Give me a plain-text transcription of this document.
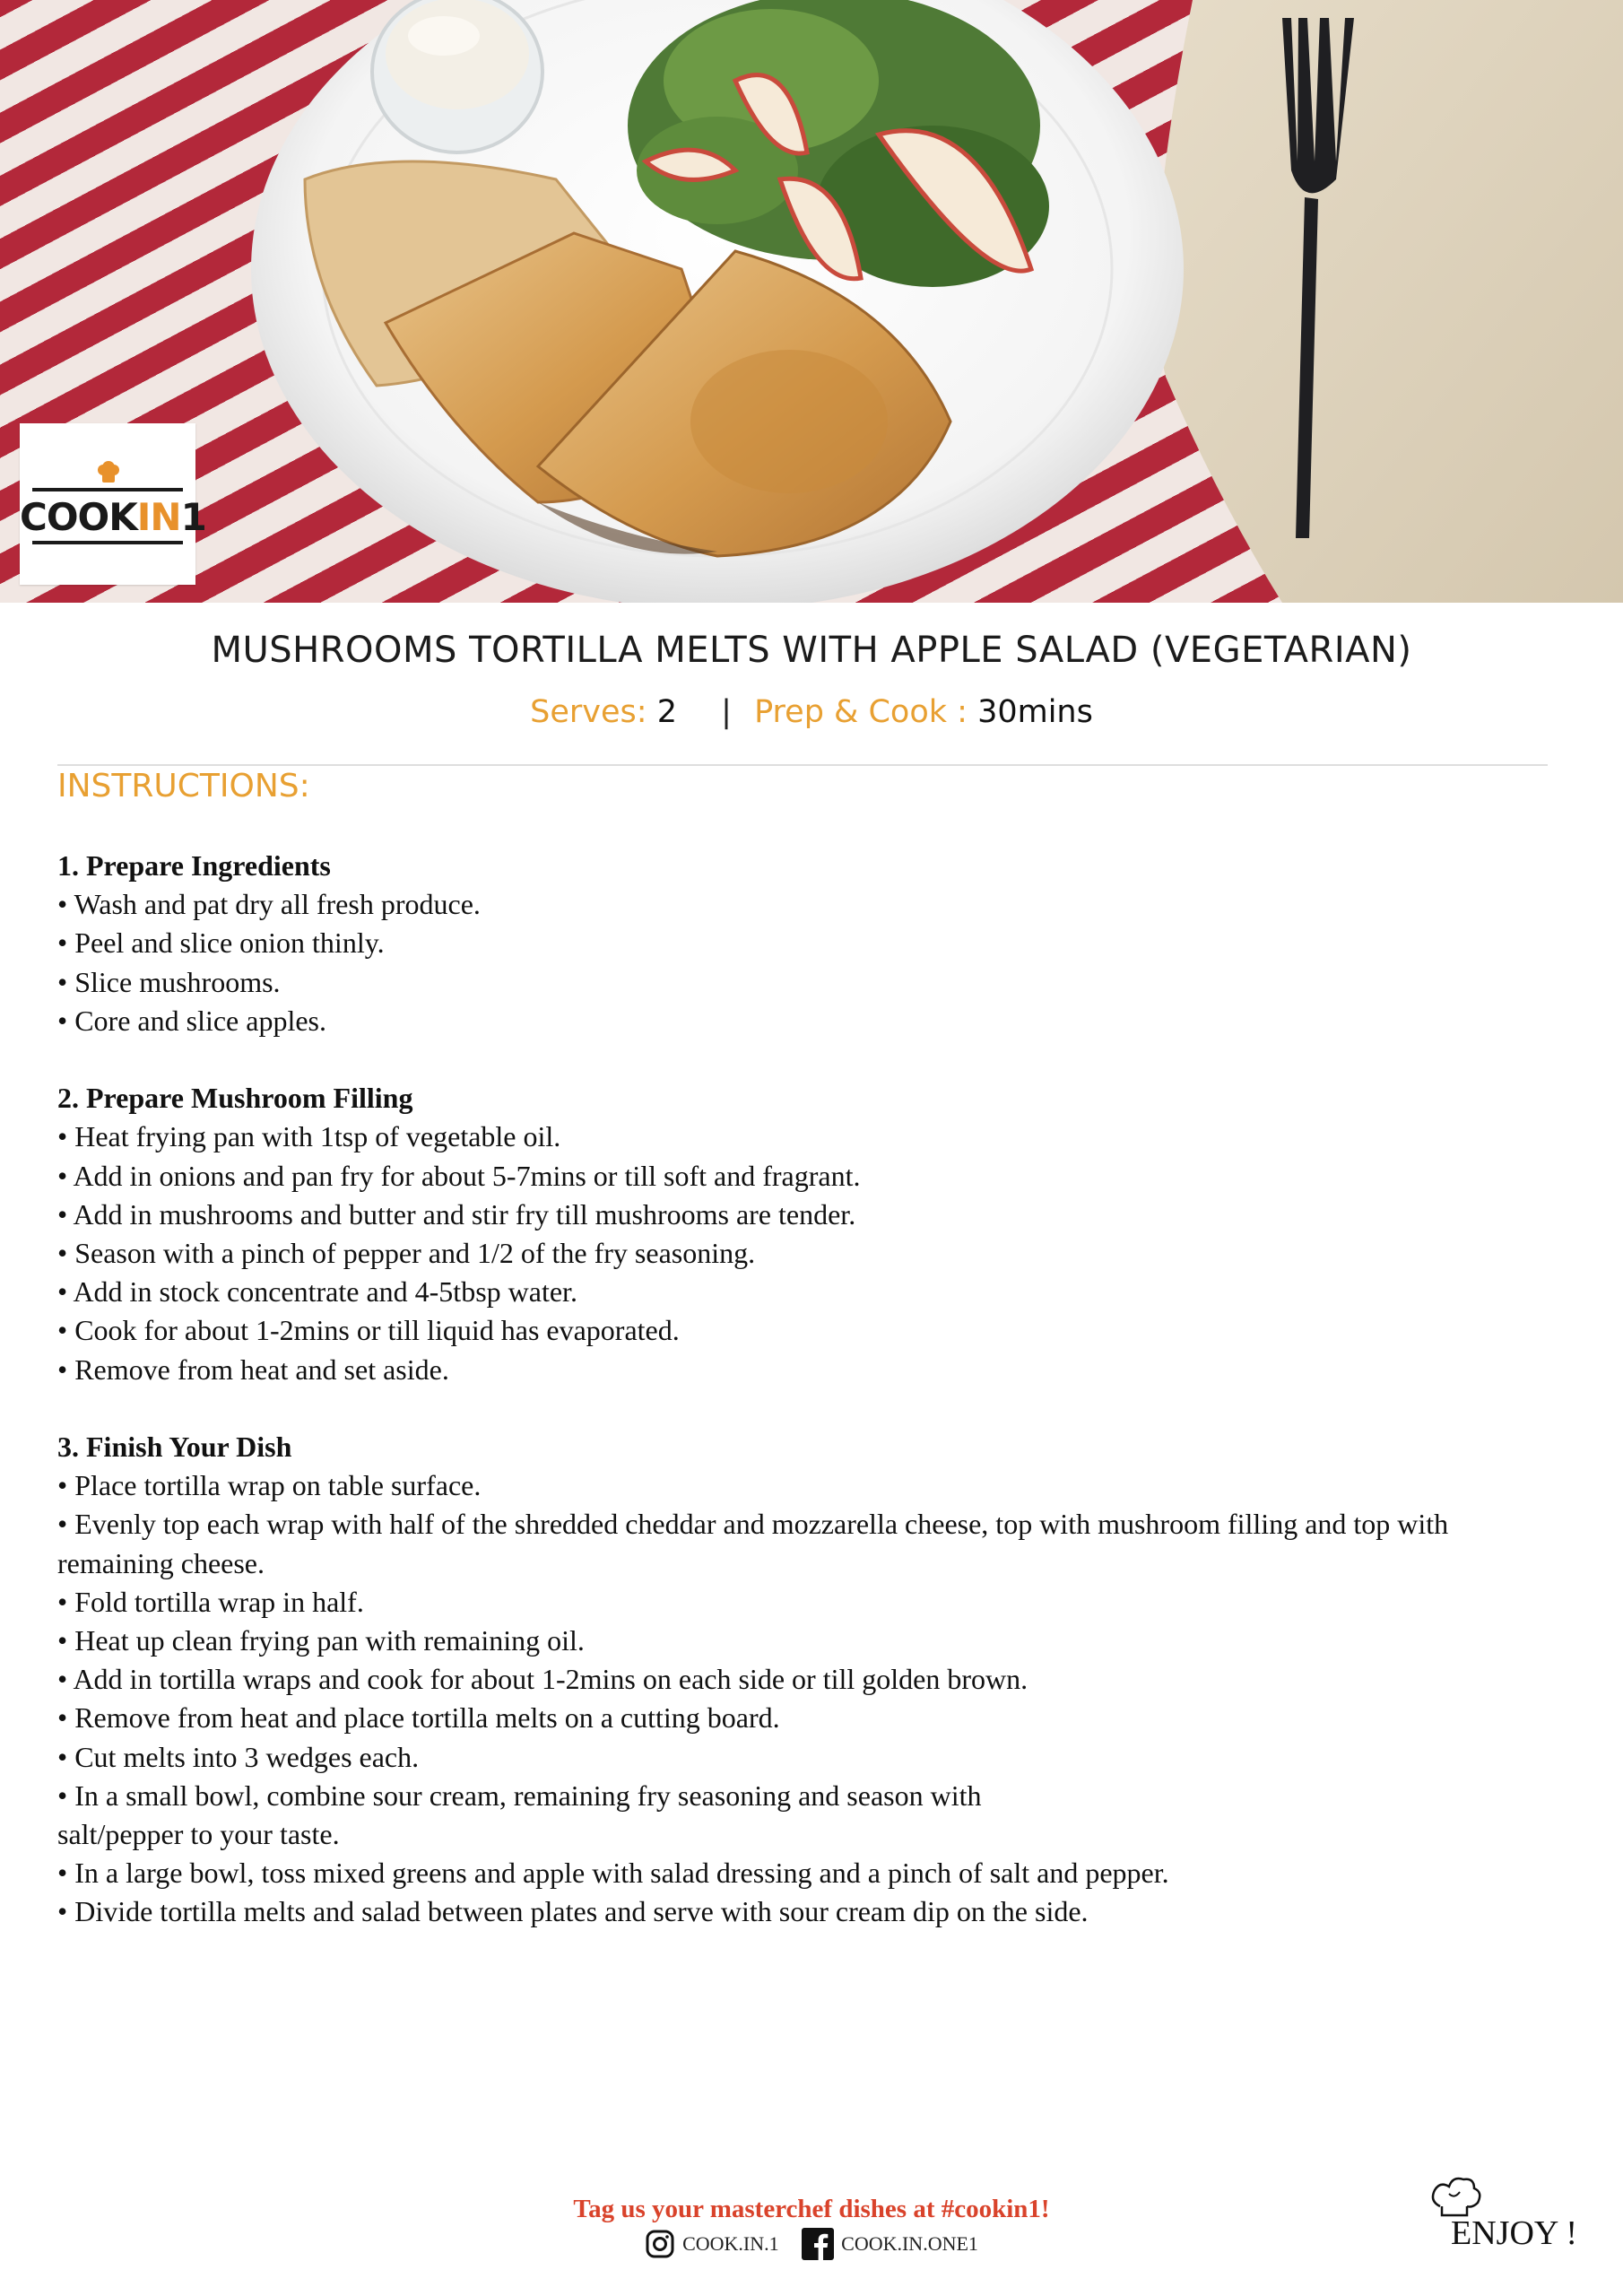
COOKIN1
MUSHROOMS TORTILLA MELTS WITH APPLE SALAD (VEGETARIAN)
Serves: 2 | Prep & Cook : 30mins
INSTRUCTIONS:
1. Prepare Ingredients
• Wash and pat dry all fresh produce.
• Peel and slice onion thinly.
• Slice mushrooms.
• Core and slice apples.
2. Prepare Mushroom Filling
• Heat frying pan with 1tsp of vegetable oil.
• Add in onions and pan fry for about 5-7mins or till soft and fragrant.
• Add in mushrooms and butter and stir fry till mushrooms are tender.
• Season with a pinch of pepper and 1/2 of the fry seasoning.
• Add in stock concentrate and 4-5tbsp water.
• Cook for about 1-2mins or till liquid has evaporated.
• Remove from heat and set aside.
3. Finish Your Dish
• Place tortilla wrap on table surface.
• Evenly top each wrap with half of the shredded cheddar and mozzarella cheese, top with mushroom filling and top with remaining cheese.
• Fold tortilla wrap in half.
• Heat up clean frying pan with remaining oil.
• Add in tortilla wraps and cook for about 1-2mins on each side or till golden brown.
• Remove from heat and place tortilla melts on a cutting board.
• Cut melts into 3 wedges each.
• In a small bowl, combine sour cream, remaining fry seasoning and season with
salt/pepper to your taste.
• In a large bowl, toss mixed greens and apple with salad dressing and a pinch of salt and pepper.
• Divide tortilla melts and salad between plates and serve with sour cream dip on the side.
Tag us your masterchef dishes at #cookin1!
COOK.IN.1
	COOK.IN.ONE1	ENJOY !
